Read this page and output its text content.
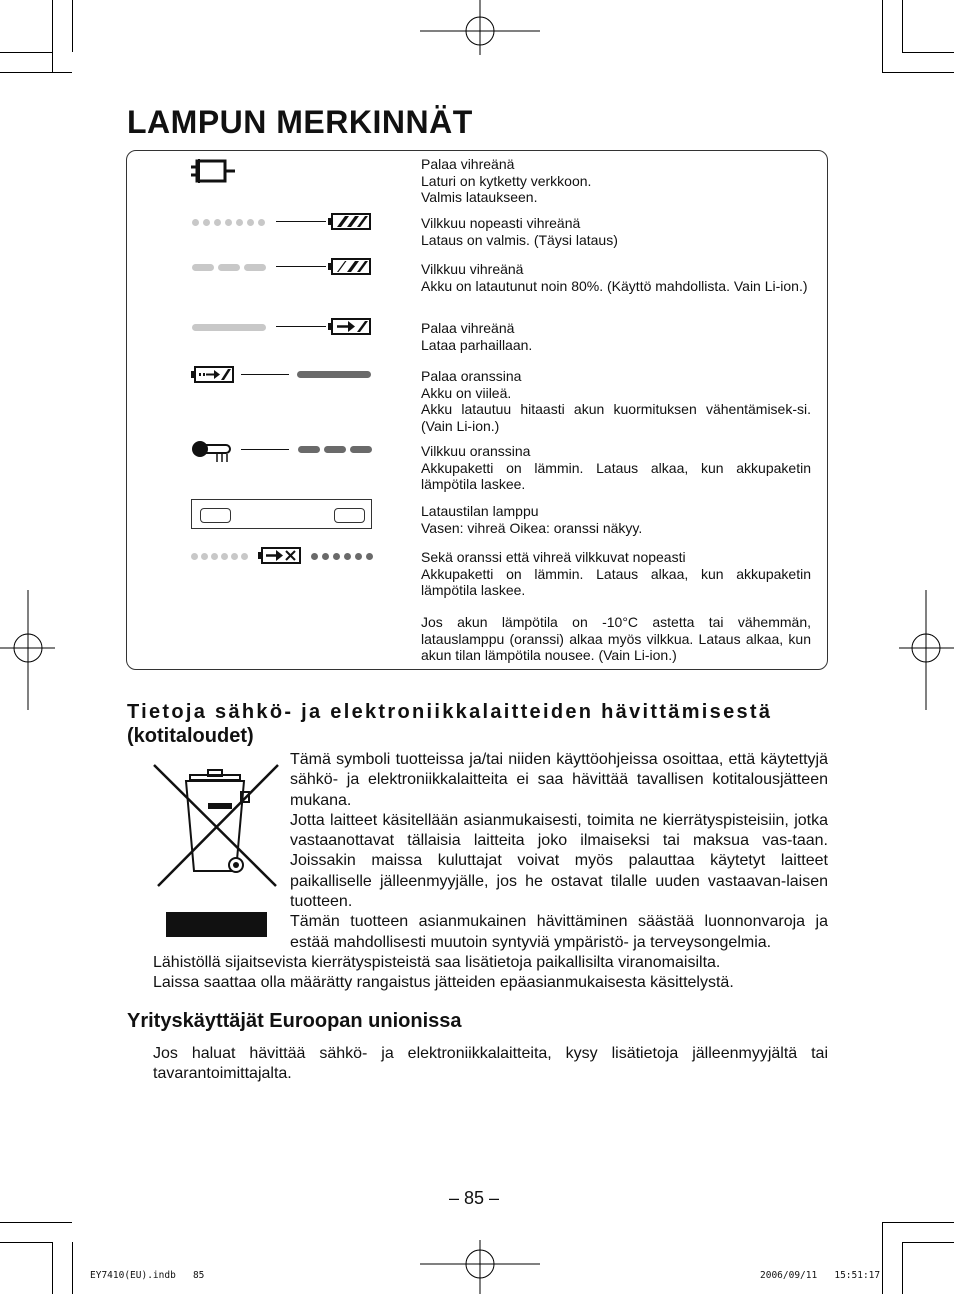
LAMPUN MERKINNÄT
Palaa vihreänä
Laturi on kytketty verkkoon.
Valmis lataukseen.
Vilkkuu nopeasti vihreänä
Lataus on valmis. (Täysi lataus)
Vilkkuu vihreänä
Akku on latautunut noin 80%. (Käyttö mahdollista. Vain Li-ion.)
Palaa vihreänä
Lataa parhaillaan.
Palaa oranssina
Akku on viileä.
Akku latautuu hitaasti akun kuormituksen vähentämisek-si. (Vain Li-ion.)
Vilkkuu oranssina
Akkupaketti on lämmin. Lataus alkaa, kun akkupaketin lämpötila laskee.
Lataustilan lamppu
Vasen: vihreä Oikea: oranssi näkyy.
Sekä oranssi että vihreä vilkkuvat nopeasti
Akkupaketti on lämmin. Lataus alkaa, kun akkupaketin lämpötila laskee.
Jos akun lämpötila on -10°C astetta tai vähemmän, latauslamppu (oranssi) alkaa myös vilkkua. Lataus alkaa, kun akun tilan lämpötila nousee. (Vain Li-ion.)
Tietoja sähkö- ja elektroniikkalaitteiden hävittämisestä
(kotitaloudet)
Tämä symboli tuotteissa ja/tai niiden käyttöohjeissa osoittaa, että käytettyjä sähkö- ja elektroniikkalaitteita ei saa hävittää tavallisen kotitalousjätteen mukana.
Jotta laitteet käsitellään asianmukaisesti, toimita ne kierrätyspisteisiin, jotka vastaanottavat tällaisia laitteita joko ilmaiseksi tai maksua vas-taan. Joissakin maissa kuluttajat voivat myös palauttaa käytetyt laitteet paikalliselle jälleenmyyjälle, jos he ostavat tilalle uuden vastaavan-laisen tuotteen.
Tämän tuotteen asianmukainen hävittäminen säästää luonnonvaroja ja estää mahdollisesti muutoin syntyviä ympäristö- ja terveysongelmia.
Lähistöllä sijaitsevista kierrätyspisteistä saa lisätietoja paikallisilta viranomaisilta.
Laissa saattaa olla määrätty rangaistus jätteiden epäasianmukaisesta käsittelystä.
Yrityskäyttäjät Euroopan unionissa
Jos haluat hävittää sähkö- ja elektroniikkalaitteita, kysy lisätietoja jälleenmyyjältä tai tavarantoimittajalta.
– 85 –
EY7410(EU).indb   85	2006/09/11   15:51:17
